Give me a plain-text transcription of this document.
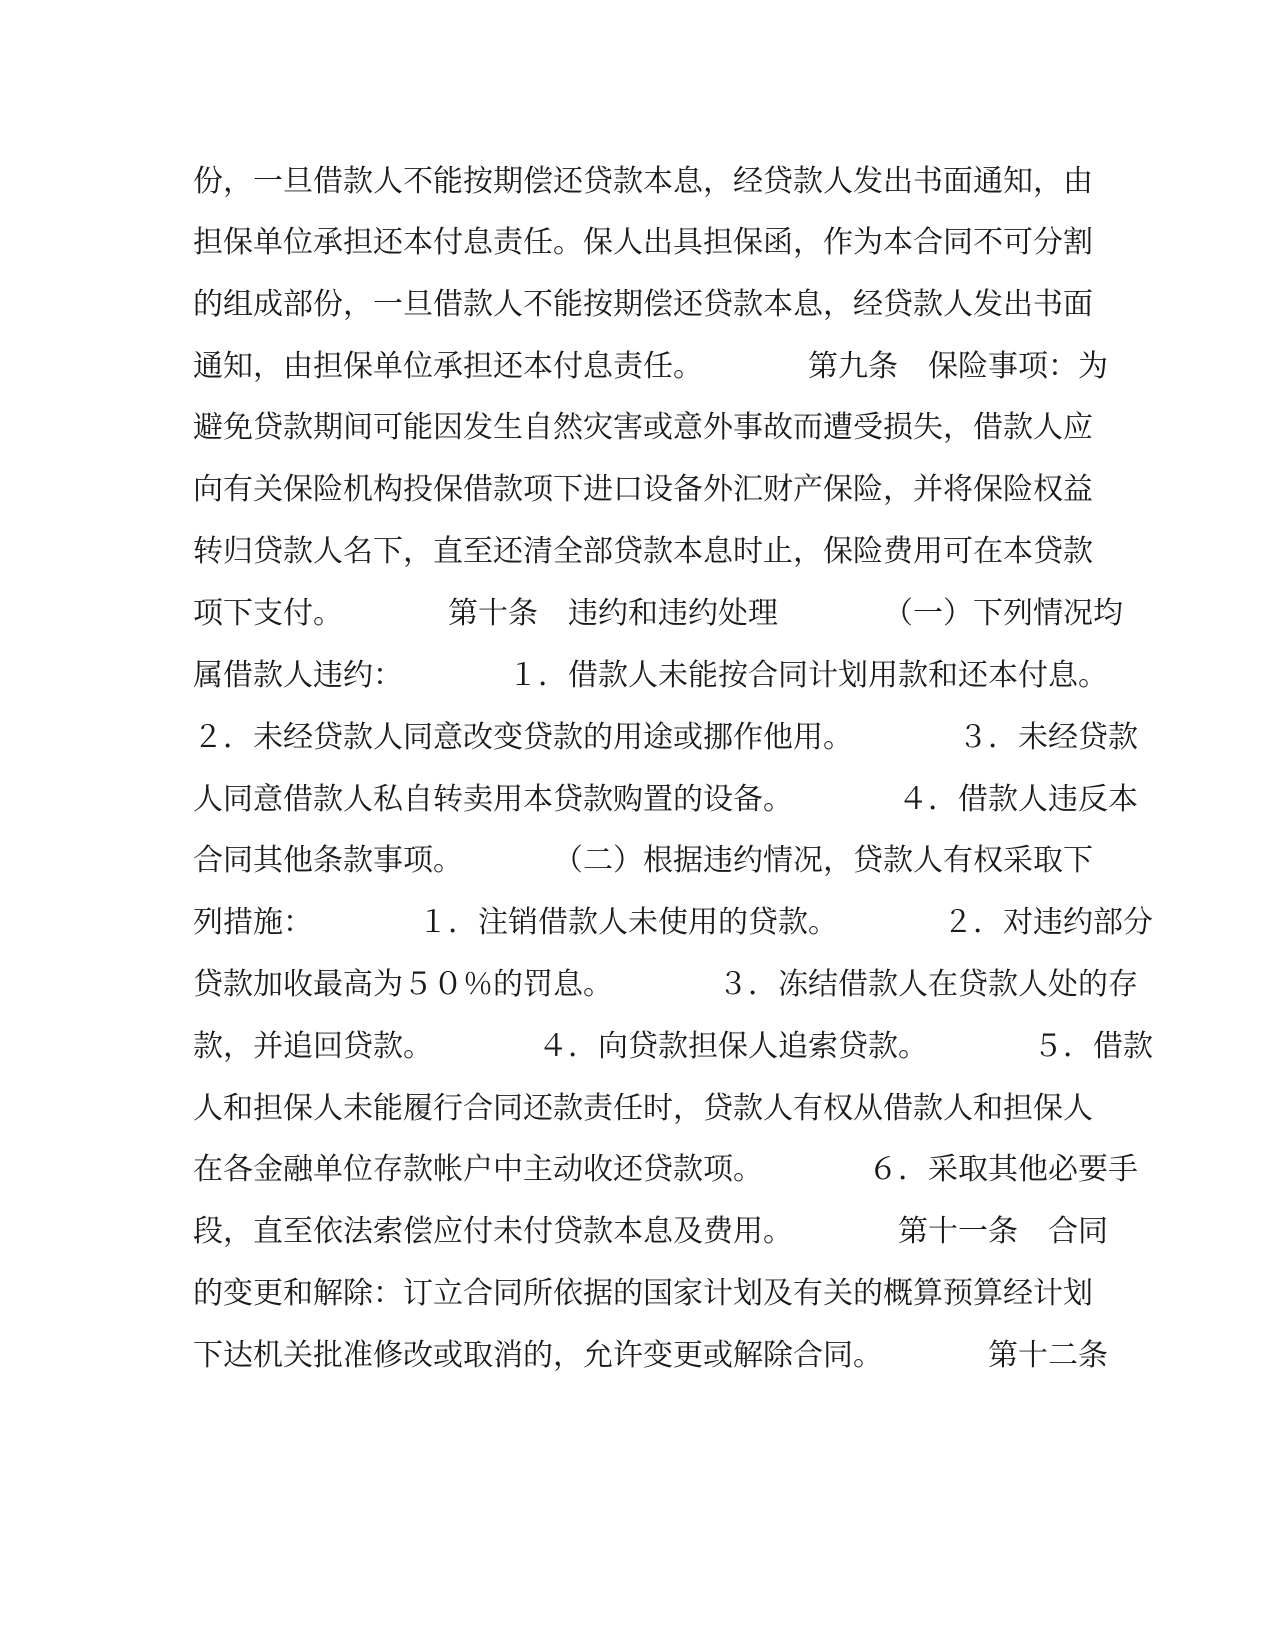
份，一旦借款人不能按期偿还贷款本息，经贷款人发出书面通知，由
担保单位承担还本付息责任。保人出具担保函，作为本合同不可分割
的组成部份，一旦借款人不能按期偿还贷款本息，经贷款人发出书面
通知，由担保单位承担还本付息责任。　　　　第九条　保险事项：为
避免贷款期间可能因发生自然灾害或意外事故而遭受损失，借款人应
向有关保险机构投保借款项下进口设备外汇财产保险，并将保险权益
转归贷款人名下，直至还清全部贷款本息时止，保险费用可在本贷款
项下支付。　　　　第十条　违约和违约处理　　　　（一）下列情况均
属借款人违约：　　　　１．借款人未能按合同计划用款和还本付息。
２．未经贷款人同意改变贷款的用途或挪作他用。　　　　３．未经贷款
人同意借款人私自转卖用本贷款购置的设备。　　　　４．借款人违反本
合同其他条款事项。　　　　（二）根据违约情况，贷款人有权采取下
列措施：　　　　１．注销借款人未使用的贷款。　　　　２．对违约部分
贷款加收最高为５０％的罚息。　　　　３．冻结借款人在贷款人处的存
款，并追回贷款。　　　　４．向贷款担保人追索贷款。　　　　５．借款
人和担保人未能履行合同还款责任时，贷款人有权从借款人和担保人
在各金融单位存款帐户中主动收还贷款项。　　　　６．采取其他必要手
段，直至依法索偿应付未付贷款本息及费用。　　　　第十一条　合同
的变更和解除：订立合同所依据的国家计划及有关的概算预算经计划
下达机关批准修改或取消的，允许变更或解除合同。　　　　第十二条
